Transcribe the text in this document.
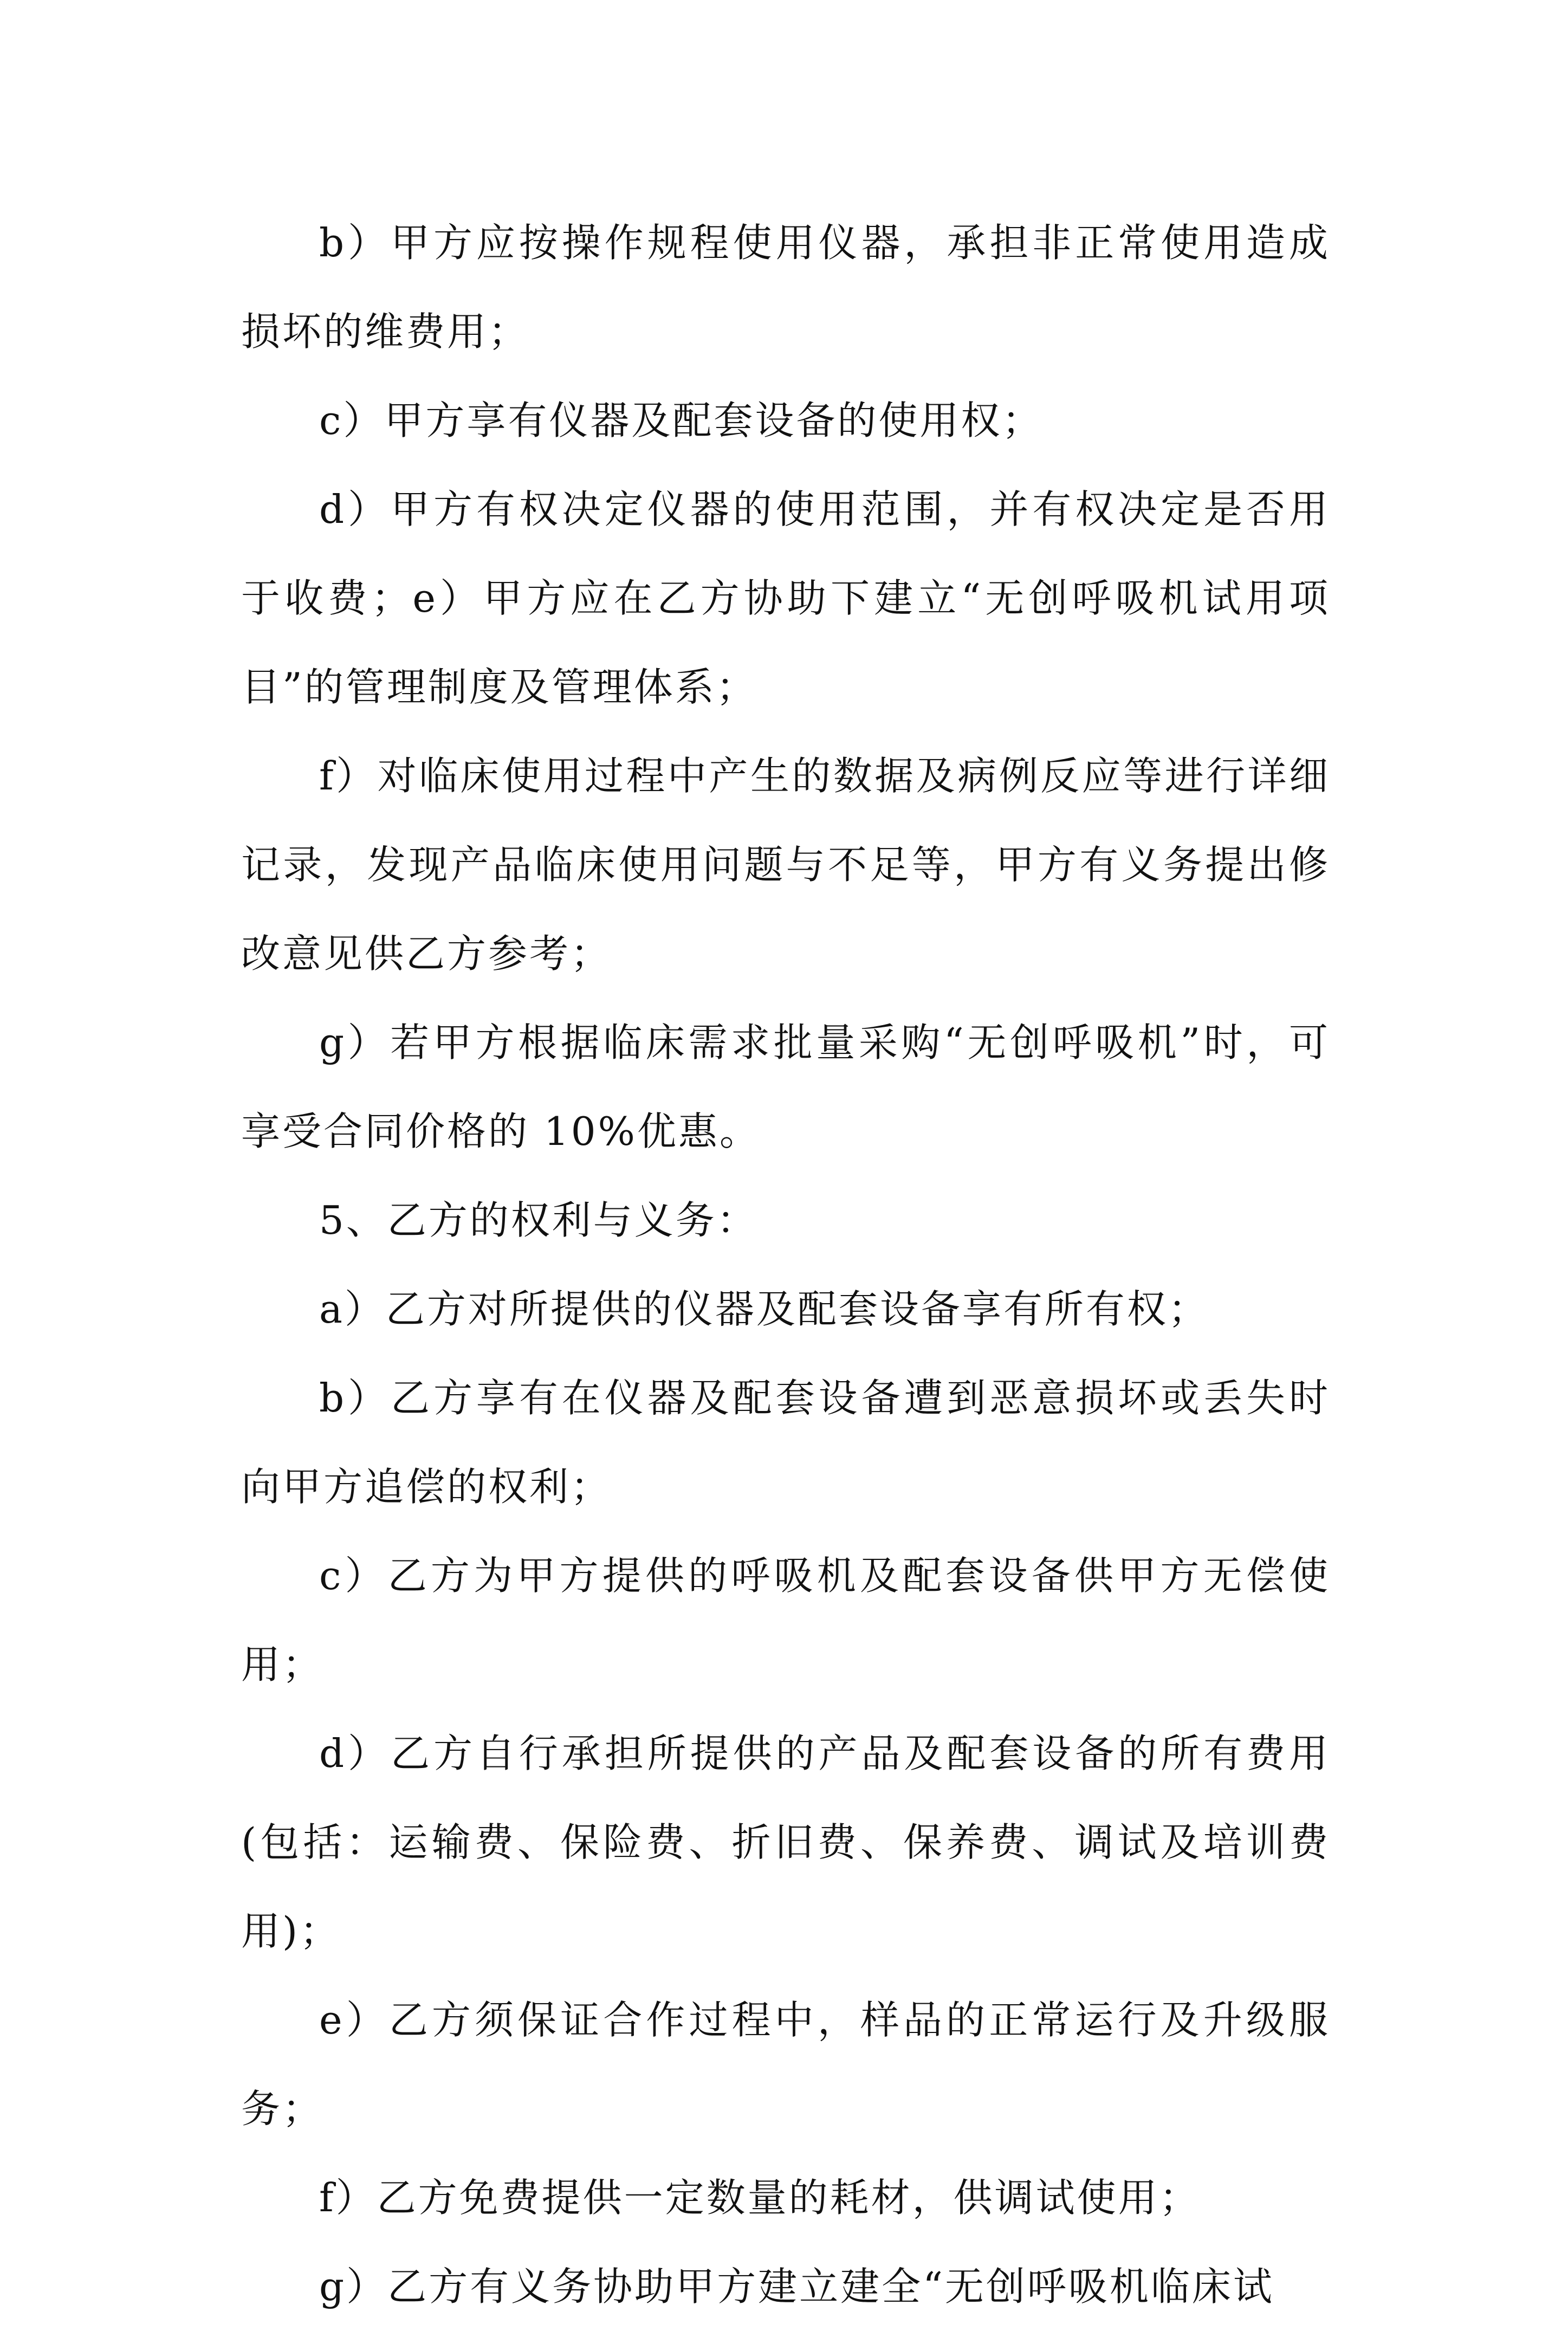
b）甲方应按操作规程使用仪器，承担非正常使用造成损坏的维费用；

c）甲方享有仪器及配套设备的使用权；

d）甲方有权决定仪器的使用范围，并有权决定是否用于收费；e）甲方应在乙方协助下建立“无创呼吸机试用项目”的管理制度及管理体系；

f）对临床使用过程中产生的数据及病例反应等进行详细记录，发现产品临床使用问题与不足等，甲方有义务提出修改意见供乙方参考；

g）若甲方根据临床需求批量采购“无创呼吸机”时，可享受合同价格的 10%优惠。

5、乙方的权利与义务：

a）乙方对所提供的仪器及配套设备享有所有权；

b）乙方享有在仪器及配套设备遭到恶意损坏或丢失时向甲方追偿的权利；

c）乙方为甲方提供的呼吸机及配套设备供甲方无偿使用；

d）乙方自行承担所提供的产品及配套设备的所有费用(包括：运输费、保险费、折旧费、保养费、调试及培训费用)；

e）乙方须保证合作过程中，样品的正常运行及升级服务；

f）乙方免费提供一定数量的耗材，供调试使用；

g）乙方有义务协助甲方建立建全“无创呼吸机临床试
